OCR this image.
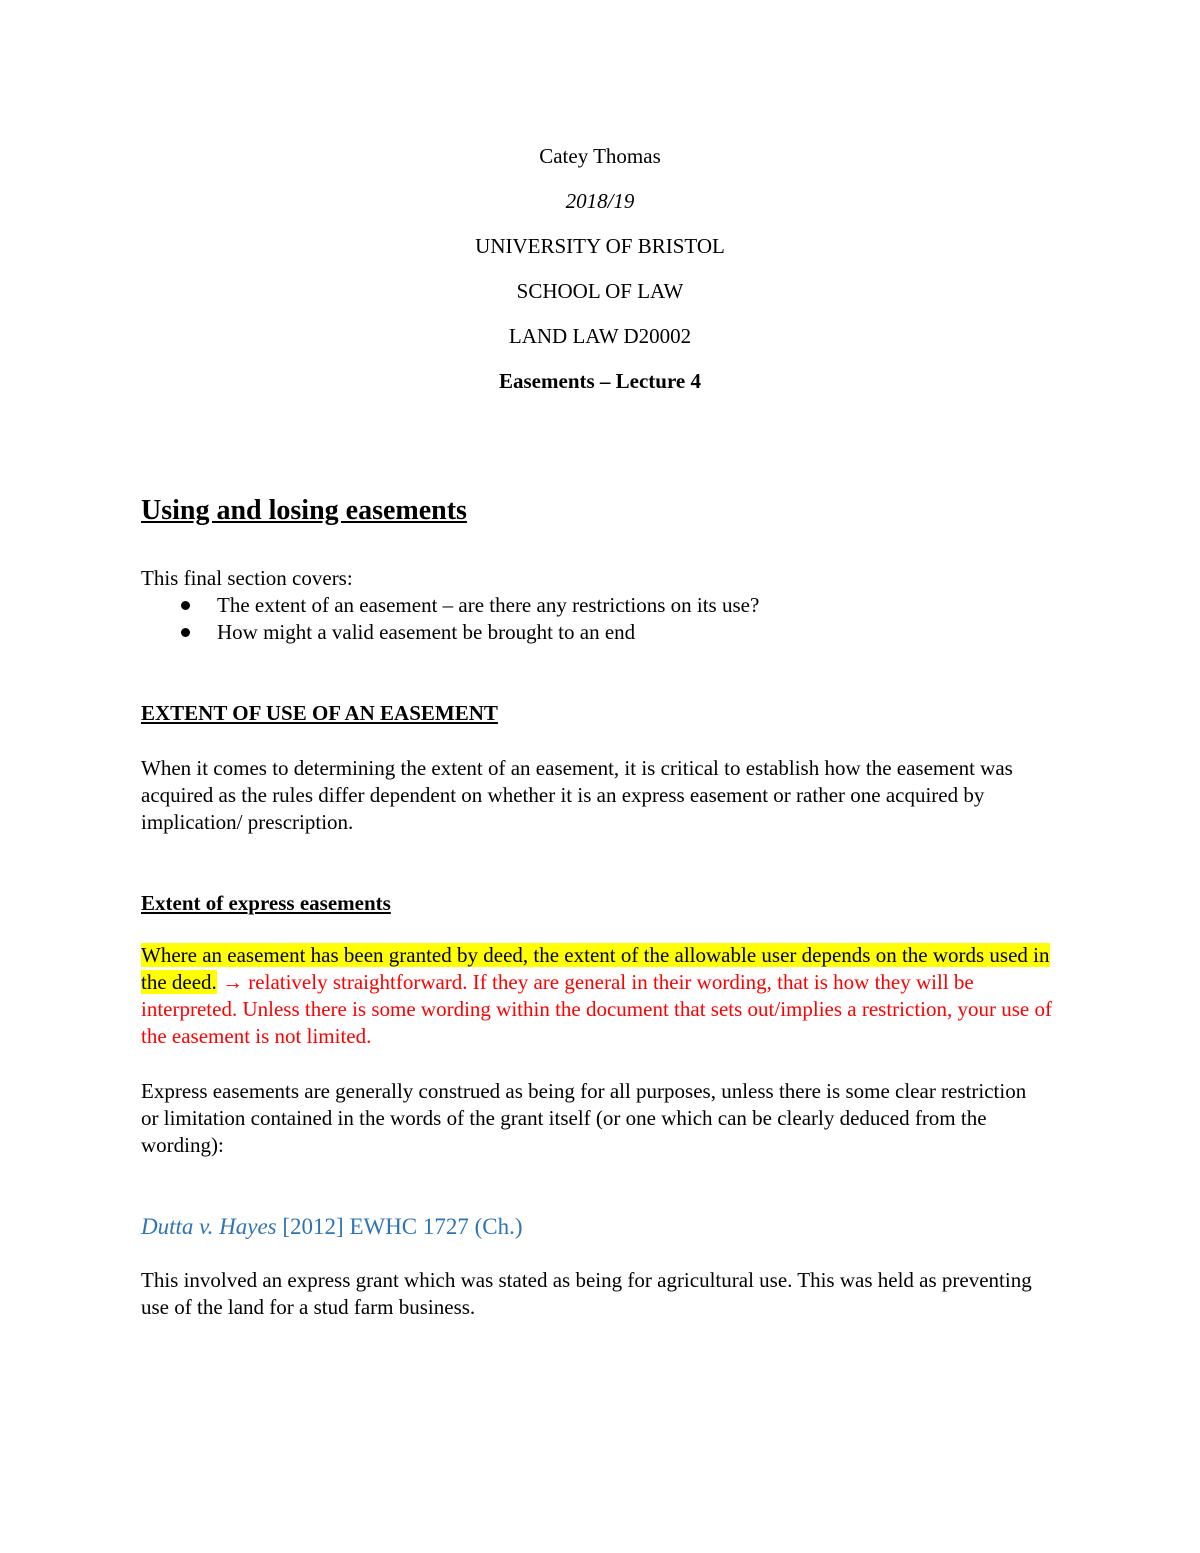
Catey Thomas
2018/19
UNIVERSITY OF BRISTOL
SCHOOL OF LAW
LAND LAW D20002
Easements – Lecture 4
Using and losing easements
This final section covers:
The extent of an easement – are there any restrictions on its use?
How might a valid easement be brought to an end
EXTENT OF USE OF AN EASEMENT
When it comes to determining the extent of an easement, it is critical to establish how the easement was acquired as the rules differ dependent on whether it is an express easement or rather one acquired by implication/ prescription.
Extent of express easements
Where an easement has been granted by deed, the extent of the allowable user depends on the words used in the deed. → relatively straightforward. If they are general in their wording, that is how they will be interpreted. Unless there is some wording within the document that sets out/implies a restriction, your use of the easement is not limited.
Express easements are generally construed as being for all purposes, unless there is some clear restriction or limitation contained in the words of the grant itself (or one which can be clearly deduced from the wording):
Dutta v. Hayes [2012] EWHC 1727 (Ch.)
This involved an express grant which was stated as being for agricultural use. This was held as preventing use of the land for a stud farm business.
